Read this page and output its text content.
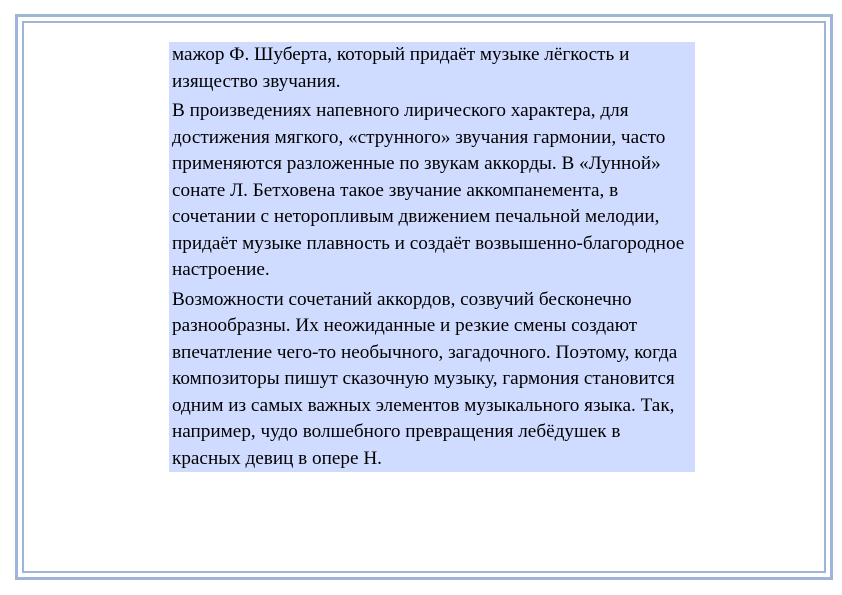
мажор Ф. Шуберта, который придаёт музыке лёгкость и изящество звучания.

В произведениях напевного лирического характера, для достижения мягкого, «струнного» звучания гармонии, часто применяются разложенные по звукам аккорды. В «Лунной» сонате Л. Бетховена такое звучание аккомпанемента, в сочетании с неторопливым движением печальной мелодии, придаёт музыке плавность и создаёт возвышенно-благородное настроение.

Возможности сочетаний аккордов, созвучий бесконечно разнообразны. Их неожиданные и резкие смены создают впечатление чего-то необычного, загадочного. Поэтому, когда композиторы пишут сказочную музыку, гармония становится одним из самых важных элементов музыкального языка. Так, например, чудо волшебного превращения лебёдушек в красных девиц в опере Н.
